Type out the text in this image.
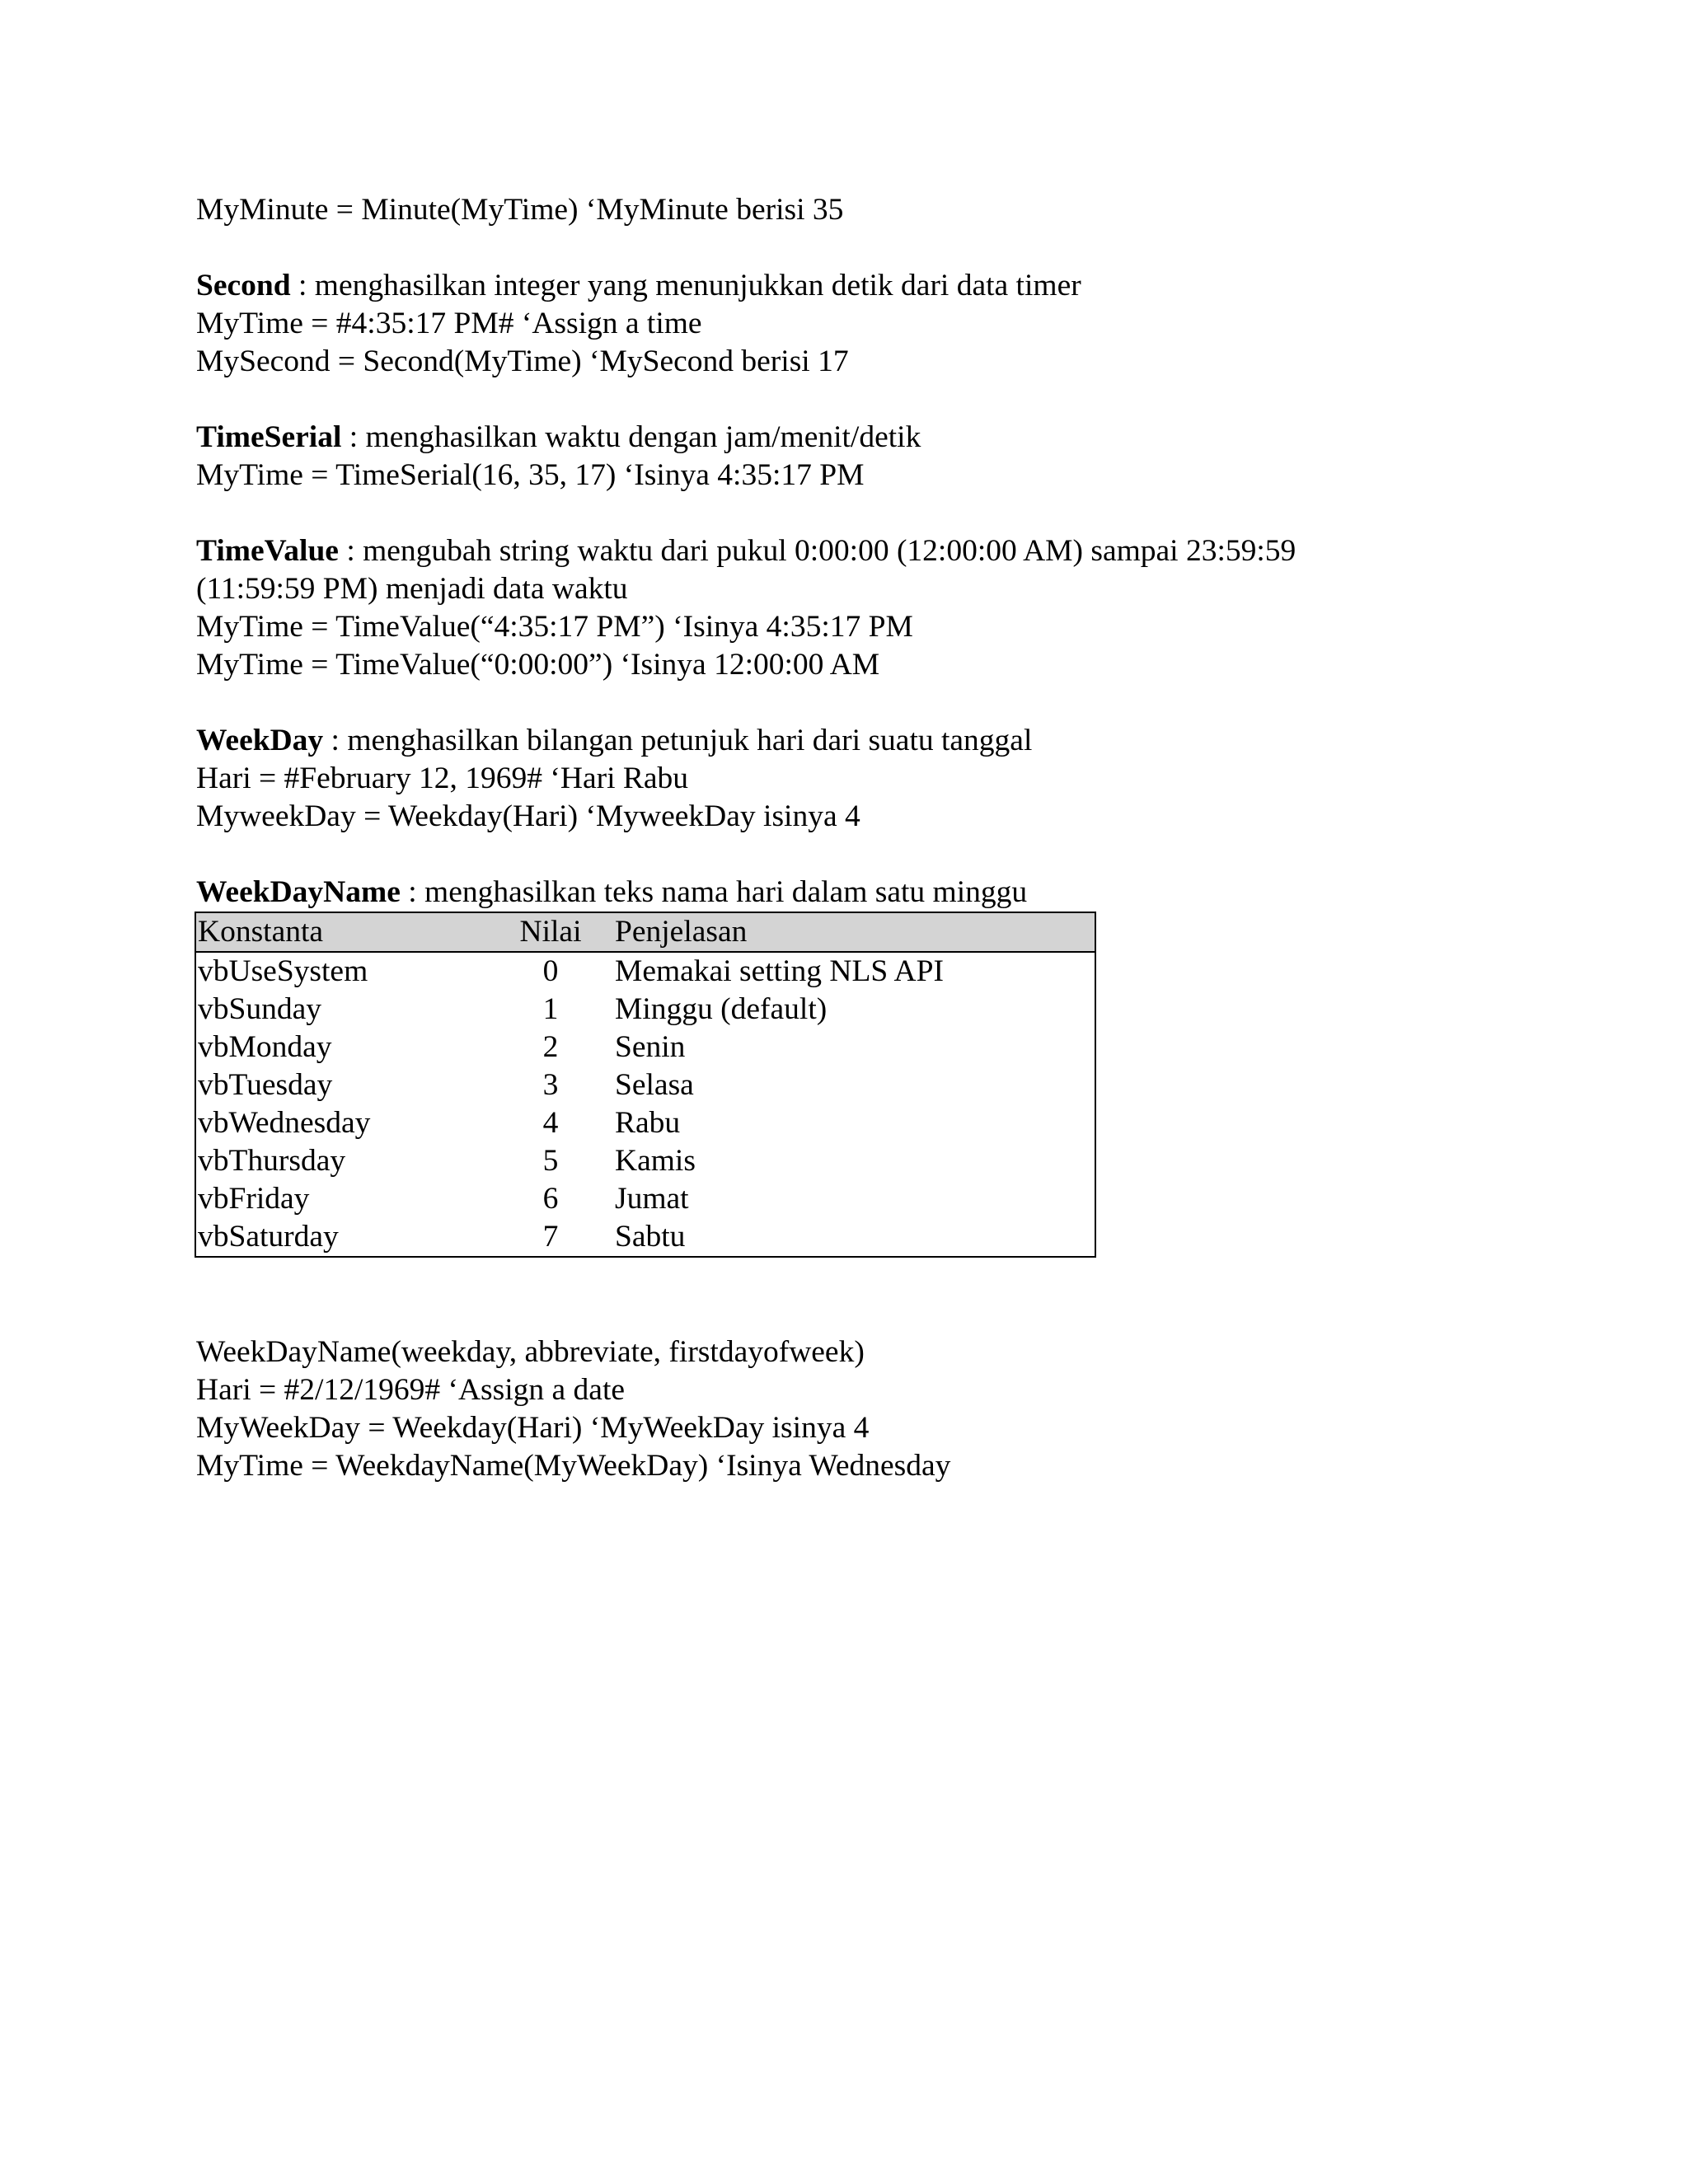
MyMinute = Minute(MyTime) ‘MyMinute berisi 35

Second : menghasilkan integer yang menunjukkan detik dari data timer

MyTime = #4:35:17 PM# ‘Assign a time

MySecond = Second(MyTime) ‘MySecond berisi 17

TimeSerial : menghasilkan waktu dengan jam/menit/detik

MyTime = TimeSerial(16, 35, 17) ‘Isinya 4:35:17 PM

TimeValue : mengubah string waktu dari pukul 0:00:00 (12:00:00 AM) sampai 23:59:59

(11:59:59 PM) menjadi data waktu

MyTime = TimeValue(“4:35:17 PM”) ‘Isinya 4:35:17 PM

MyTime = TimeValue(“0:00:00”) ‘Isinya 12:00:00 AM

WeekDay : menghasilkan bilangan petunjuk hari dari suatu tanggal

Hari = #February 12, 1969# ‘Hari Rabu

MyweekDay = Weekday(Hari) ‘MyweekDay isinya 4

WeekDayName : menghasilkan teks nama hari dalam satu minggu

Konstanta	Nilai	Penjelasan
vbUseSystem	0	Memakai setting NLS API
vbSunday	1	Minggu (default)
vbMonday	2	Senin
vbTuesday	3	Selasa
vbWednesday	4	Rabu
vbThursday	5	Kamis
vbFriday	6	Jumat
vbSaturday	7	Sabtu

WeekDayName(weekday, abbreviate, firstdayofweek)

Hari = #2/12/1969# ‘Assign a date

MyWeekDay = Weekday(Hari) ‘MyWeekDay isinya 4

MyTime = WeekdayName(MyWeekDay) ‘Isinya Wednesday
